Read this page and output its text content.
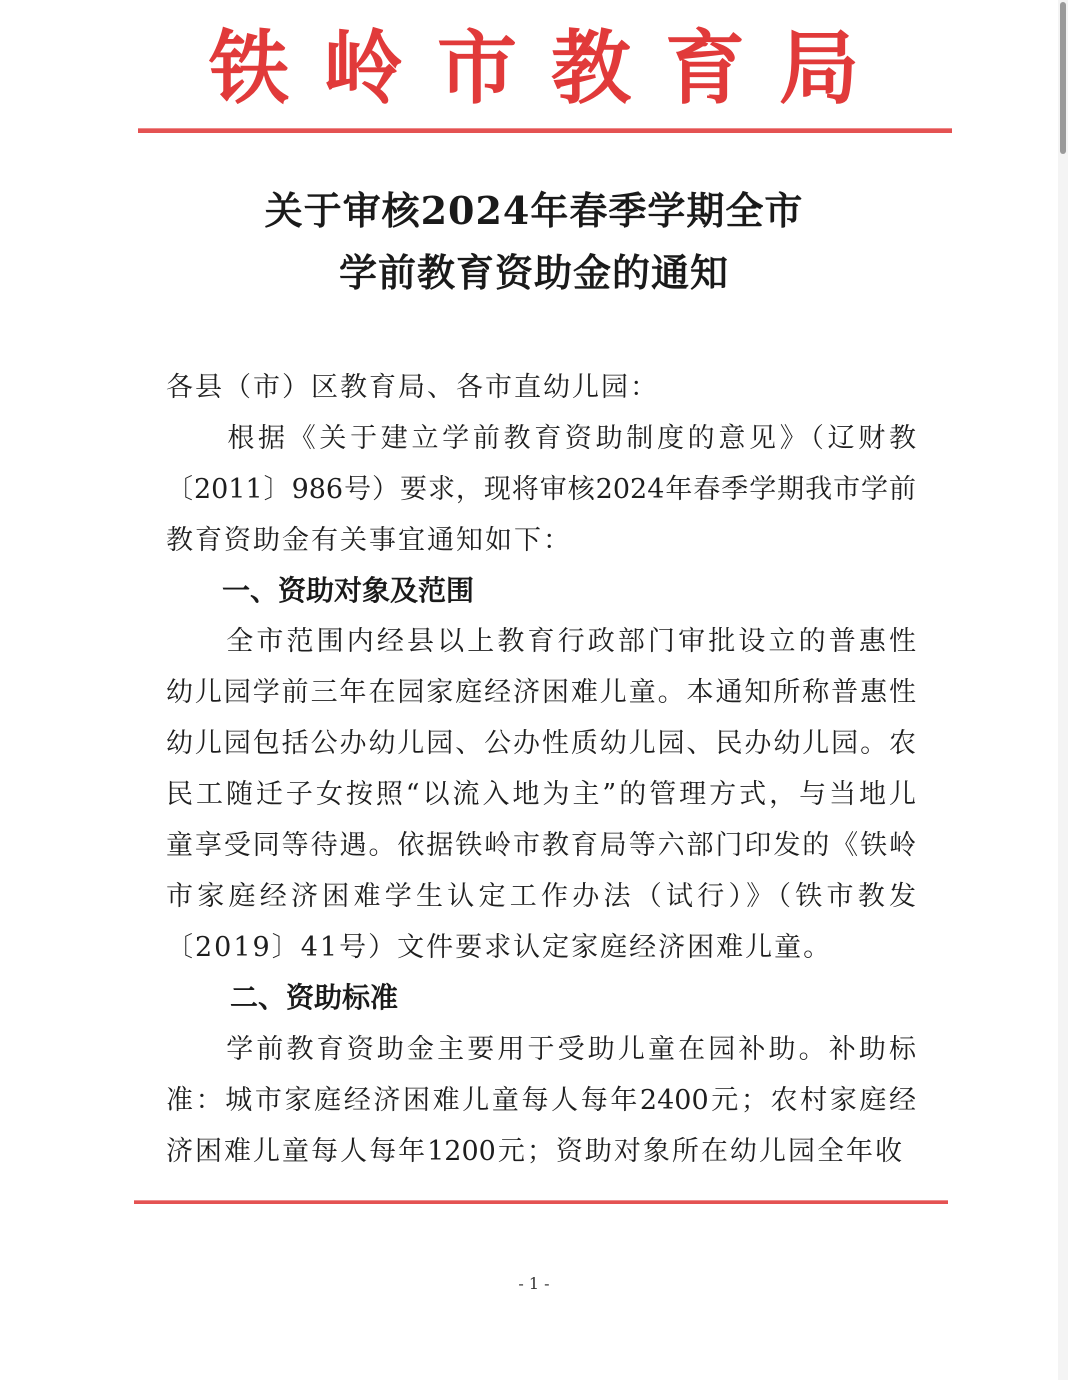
铁岭市教育局
关于审核2024年春季学期全市
学前教育资助金的通知
各县（市）区教育局、各市直幼儿园：
　　根据《关于建立学前教育资助制度的意见》（辽财教
〔2011〕986号）要求，现将审核2024年春季学期我市学前
教育资助金有关事宜通知如下：
一、资助对象及范围
　　全市范围内经县以上教育行政部门审批设立的普惠性
幼儿园学前三年在园家庭经济困难儿童。本通知所称普惠性
幼儿园包括公办幼儿园、公办性质幼儿园、民办幼儿园。农
民工随迁子女按照“以流入地为主”的管理方式，与当地儿
童享受同等待遇。依据铁岭市教育局等六部门印发的《铁岭
市家庭经济困难学生认定工作办法（试行）》（铁市教发
〔2019〕41号）文件要求认定家庭经济困难儿童。
二、资助标准
　　学前教育资助金主要用于受助儿童在园补助。补助标
准：城市家庭经济困难儿童每人每年2400元；农村家庭经
济困难儿童每人每年1200元；资助对象所在幼儿园全年收
- 1 -
